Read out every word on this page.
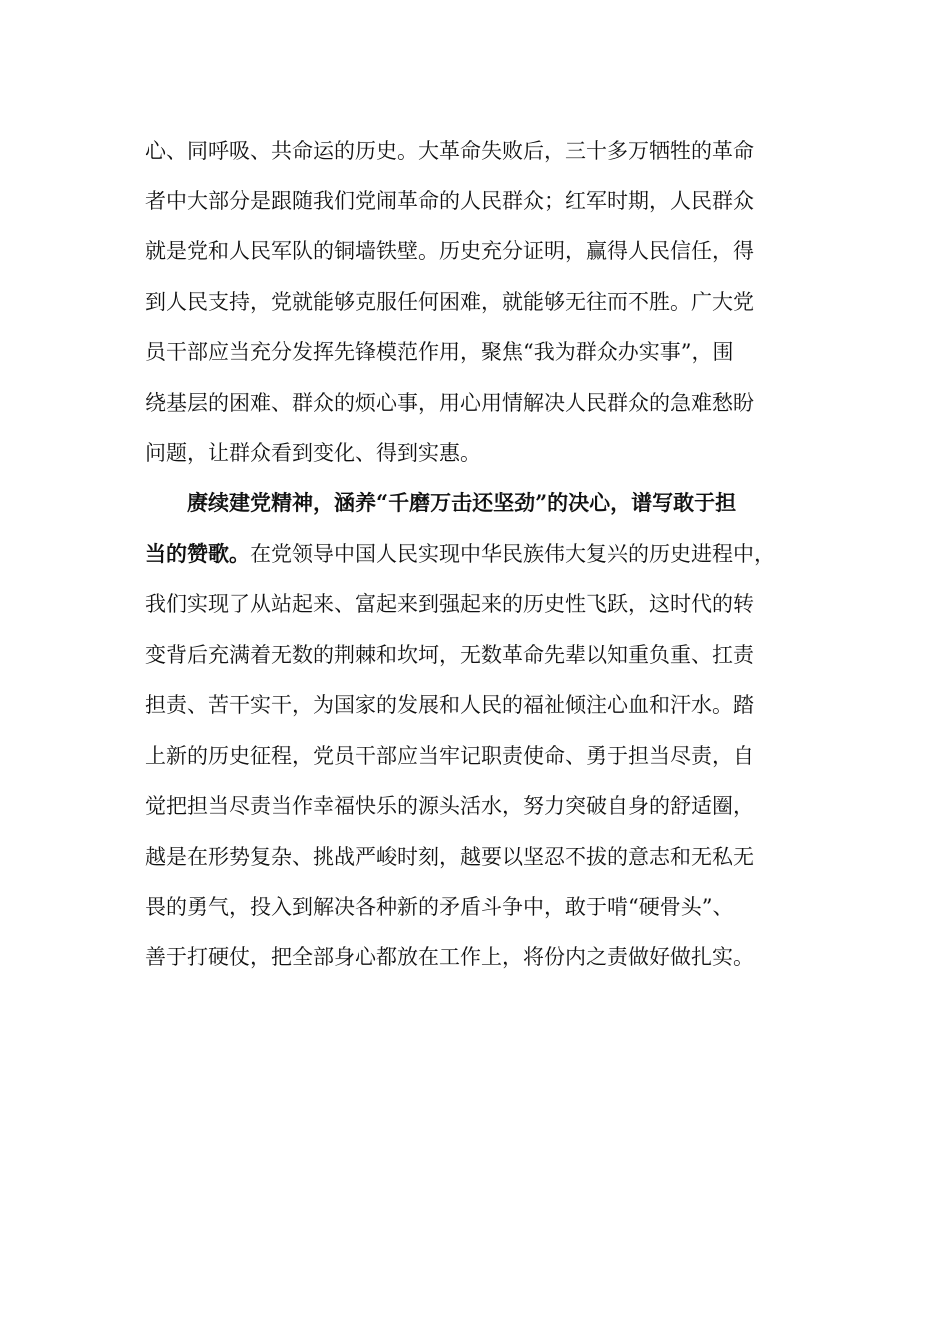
心、同呼吸、共命运的历史。大革命失败后，三十多万牺牲的革命
者中大部分是跟随我们党闹革命的人民群众；红军时期，人民群众
就是党和人民军队的铜墙铁壁。历史充分证明，赢得人民信任，得
到人民支持，党就能够克服任何困难，就能够无往而不胜。广大党
员干部应当充分发挥先锋模范作用，聚焦“我为群众办实事”，围
绕基层的困难、群众的烦心事，用心用情解决人民群众的急难愁盼
问题，让群众看到变化、得到实惠。
赓续建党精神，涵养“千磨万击还坚劲”的决心，谱写敢于担
当的赞歌。在党领导中国人民实现中华民族伟大复兴的历史进程中，
我们实现了从站起来、富起来到强起来的历史性飞跃，这时代的转
变背后充满着无数的荆棘和坎坷，无数革命先辈以知重负重、扛责
担责、苦干实干，为国家的发展和人民的福祉倾注心血和汗水。踏
上新的历史征程，党员干部应当牢记职责使命、勇于担当尽责，自
觉把担当尽责当作幸福快乐的源头活水，努力突破自身的舒适圈，
越是在形势复杂、挑战严峻时刻，越要以坚忍不拔的意志和无私无
畏的勇气，投入到解决各种新的矛盾斗争中，敢于啃“硬骨头”、
善于打硬仗，把全部身心都放在工作上，将份内之责做好做扎实。
